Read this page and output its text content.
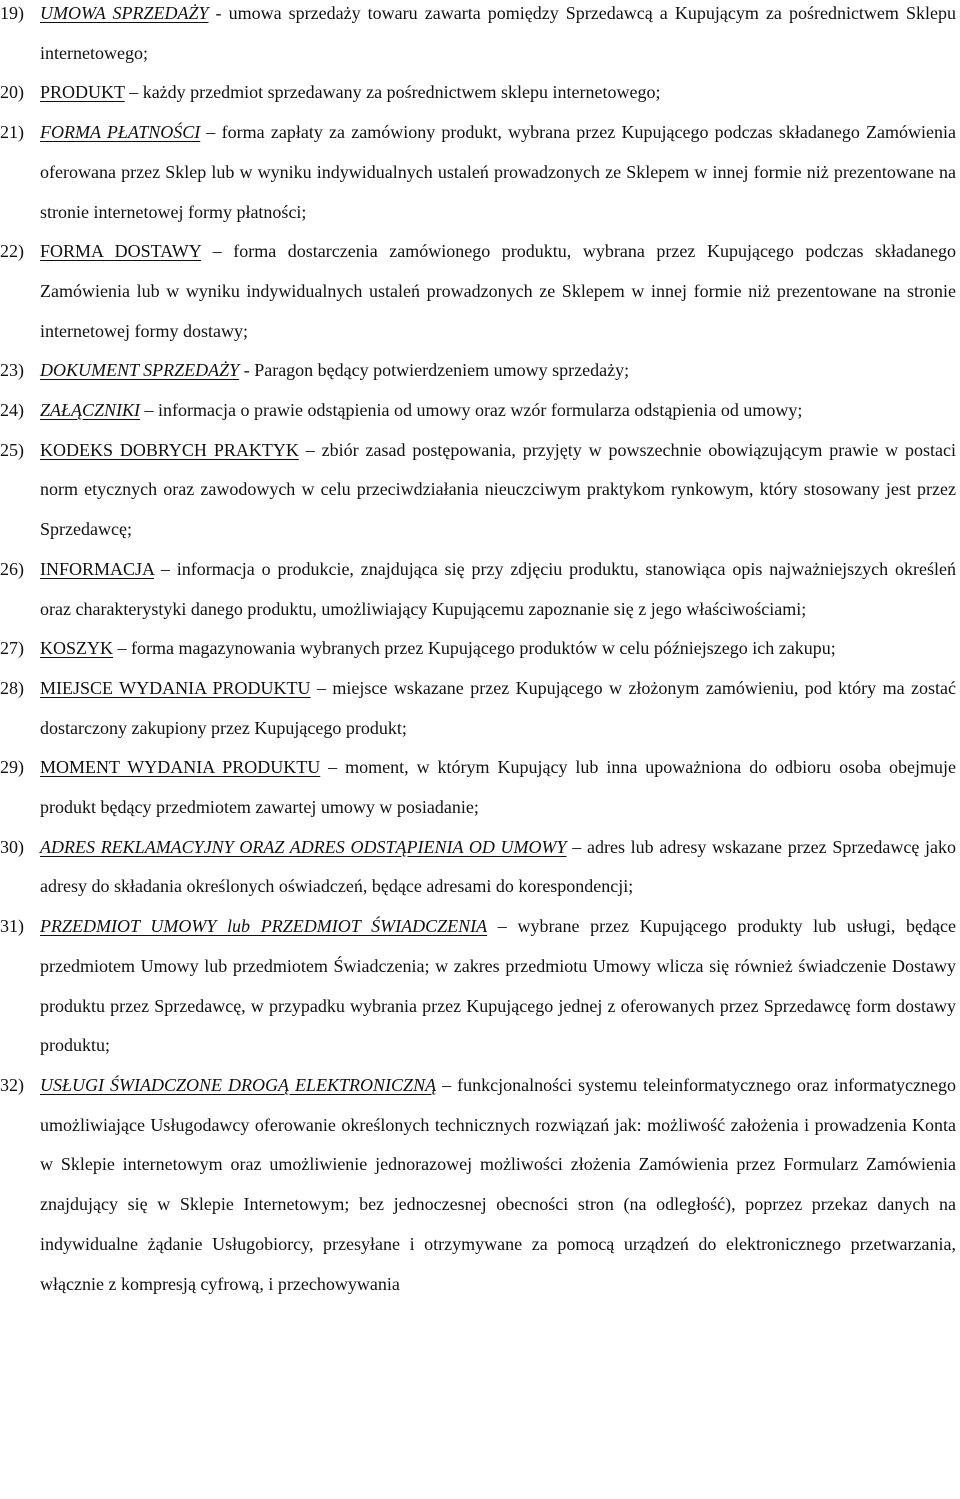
19) UMOWA SPRZEDAŻY - umowa sprzedaży towaru zawarta pomiędzy Sprzedawcą a Kupującym za pośrednictwem Sklepu internetowego;
20) PRODUKT – każdy przedmiot sprzedawany za pośrednictwem sklepu internetowego;
21) FORMA PŁATNOŚCI – forma zapłaty za zamówiony produkt, wybrana przez Kupującego podczas składanego Zamówienia oferowana przez Sklep lub w wyniku indywidualnych ustaleń prowadzonych ze Sklepem w innej formie niż prezentowane na stronie internetowej formy płatności;
22) FORMA DOSTAWY – forma dostarczenia zamówionego produktu, wybrana przez Kupującego podczas składanego Zamówienia lub w wyniku indywidualnych ustaleń prowadzonych ze Sklepem w innej formie niż prezentowane na stronie internetowej formy dostawy;
23) DOKUMENT SPRZEDAŻY - Paragon będący potwierdzeniem umowy sprzedaży;
24) ZAŁĄCZNIKI – informacja o prawie odstąpienia od umowy oraz wzór formularza odstąpienia od umowy;
25) KODEKS DOBRYCH PRAKTYK – zbiór zasad postępowania, przyjęty w powszechnie obowiązującym prawie w postaci norm etycznych oraz zawodowych w celu przeciwdziałania nieuczciwym praktykom rynkowym, który stosowany jest przez Sprzedawcę;
26) INFORMACJA – informacja o produkcie, znajdująca się przy zdjęciu produktu, stanowiąca opis najważniejszych określeń oraz charakterystyki danego produktu, umożliwiający Kupującemu zapoznanie się z jego właściwościami;
27) KOSZYK – forma magazynowania wybranych przez Kupującego produktów w celu późniejszego ich zakupu;
28) MIEJSCE WYDANIA PRODUKTU – miejsce wskazane przez Kupującego w złożonym zamówieniu, pod który ma zostać dostarczony zakupiony przez Kupującego produkt;
29) MOMENT WYDANIA PRODUKTU – moment, w którym Kupujący lub inna upoważniona do odbioru osoba obejmuje produkt będący przedmiotem zawartej umowy w posiadanie;
30) ADRES REKLAMACYJNY ORAZ ADRES ODSTĄPIENIA OD UMOWY – adres lub adresy wskazane przez Sprzedawcę jako adresy do składania określonych oświadczeń, będące adresami do korespondencji;
31) PRZEDMIOT UMOWY lub PRZEDMIOT ŚWIADCZENIA – wybrane przez Kupującego produkty lub usługi, będące przedmiotem Umowy lub przedmiotem Świadczenia; w zakres przedmiotu Umowy wlicza się również świadczenie Dostawy produktu przez Sprzedawcę, w przypadku wybrania przez Kupującego jednej z oferowanych przez Sprzedawcę form dostawy produktu;
32) USŁUGI ŚWIADCZONE DROGĄ ELEKTRONICZNĄ – funkcjonalności systemu teleinformatycznego oraz informatycznego umożliwiające Usługodawcy oferowanie określonych technicznych rozwiązań jak: możliwość założenia i prowadzenia Konta w Sklepie internetowym oraz umożliwienie jednorazowej możliwości złożenia Zamówienia przez Formularz Zamówienia znajdujący się w Sklepie Internetowym; bez jednoczesnej obecności stron (na odległość), poprzez przekaz danych na indywidualne żądanie Usługobiorcy, przesyłane i otrzymywane za pomocą urządzeń do elektronicznego przetwarzania, włącznie z kompresją cyfrową, i przechowywania
